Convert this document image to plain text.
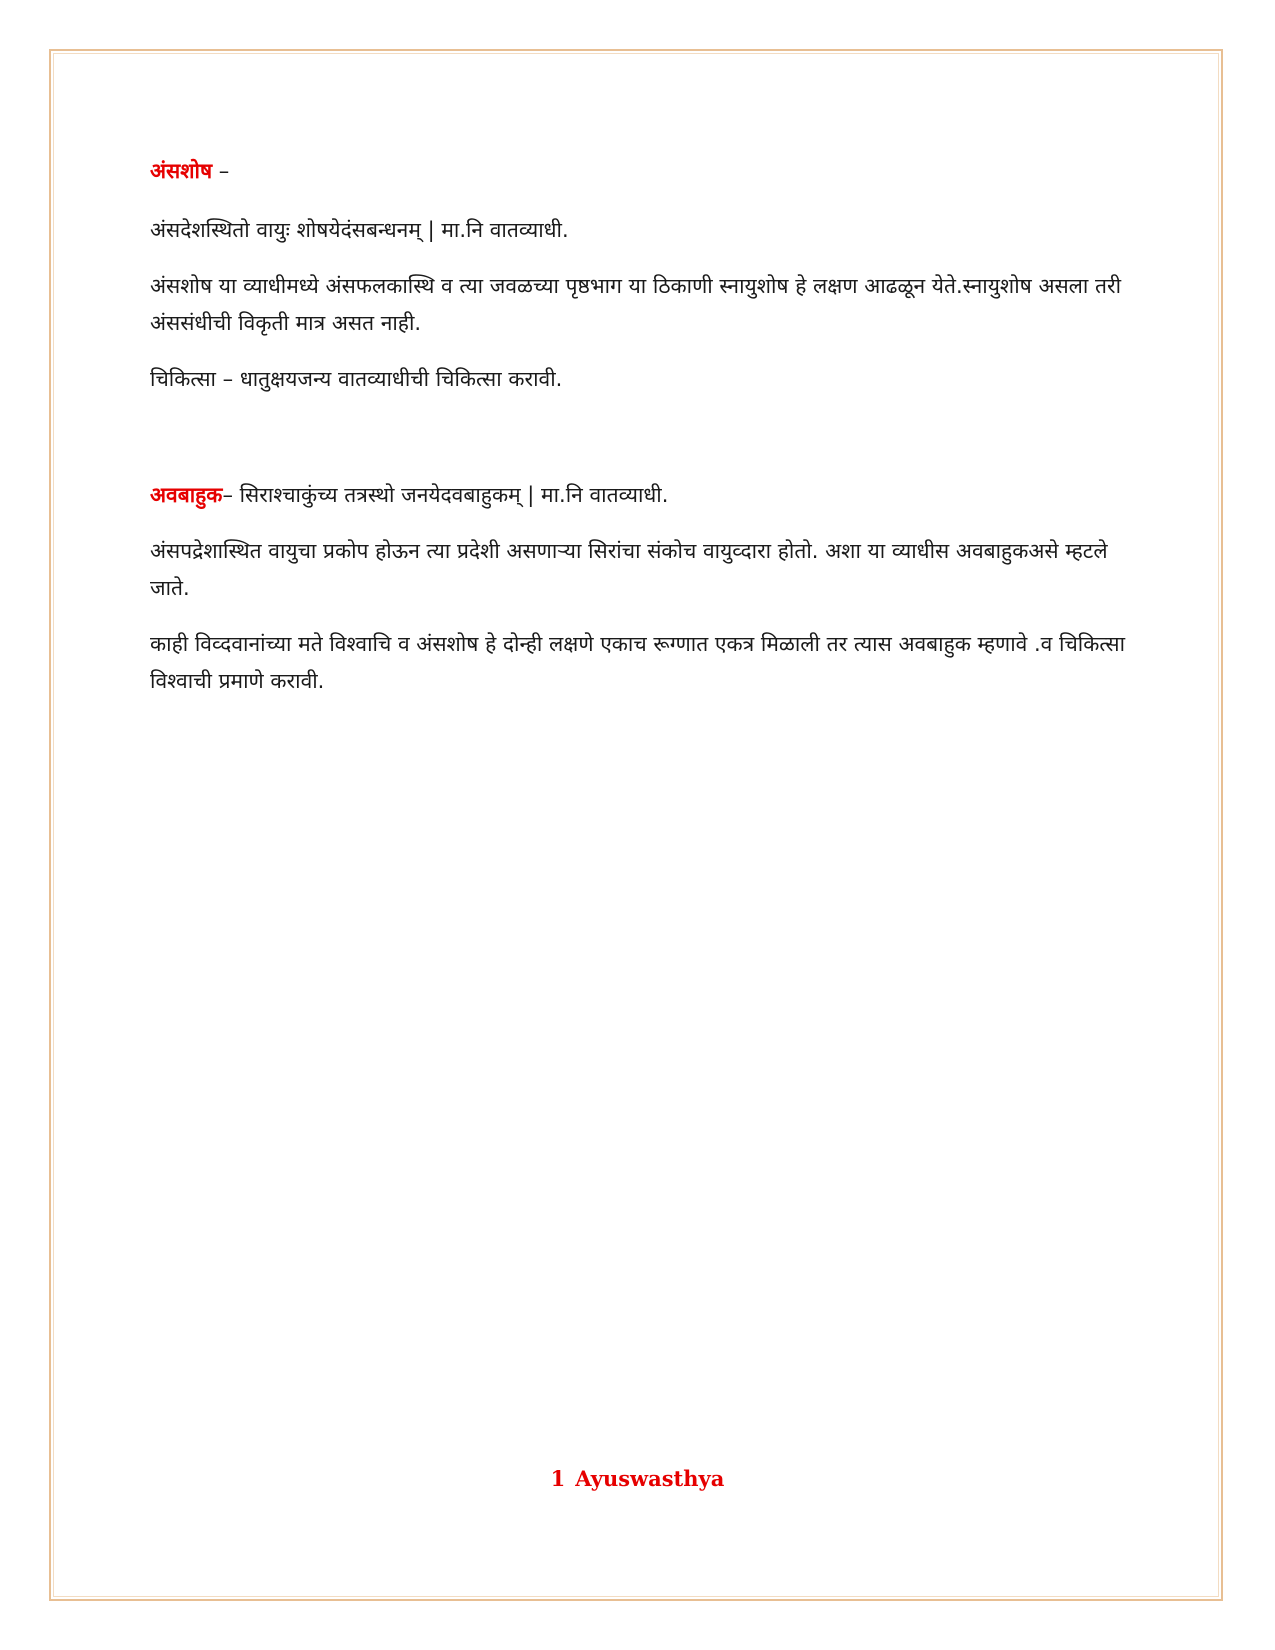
अंसशोष –

अंसदेशस्थितो वायुः शोषयेदंसबन्धनम् | मा.नि वातव्याधी.

अंसशोष या व्याधीमध्ये अंसफलकास्थि व त्या जवळच्या पृष्ठभाग या ठिकाणी स्नायुशोष हे लक्षण आढळून येते.स्नायुशोष असला तरी अंससंधीची विकृती मात्र असत नाही.

चिकित्सा – धातुक्षयजन्य वातव्याधीची चिकित्सा करावी.

अवबाहुक– सिराश्चाकुंच्य तत्रस्थो जनयेदवबाहुकम् | मा.नि वातव्याधी.

अंसपद्रेशास्थित वायुचा प्रकोप होऊन त्या प्रदेशी असणाऱ्या सिरांचा संकोच वायुव्दारा होतो. अशा या व्याधीस अवबाहुकअसे म्हटले जाते.

काही विव्दवानांच्या मते विश्वाचि व अंसशोष हे दोन्ही लक्षणे एकाच रूग्णात एकत्र मिळाली तर त्यास अवबाहुक म्हणावे .व चिकित्सा विश्वाची प्रमाणे करावी.

1 Ayuswasthya
